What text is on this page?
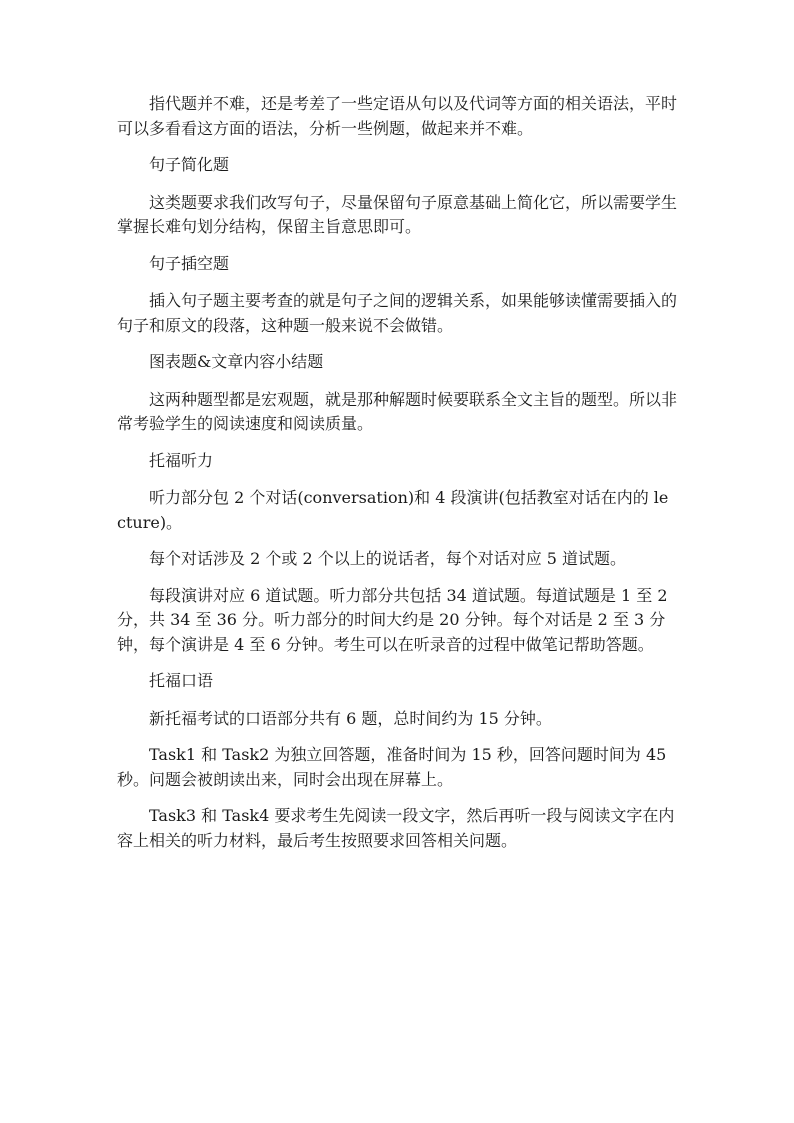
指代题并不难，还是考差了一些定语从句以及代词等方面的相关语法，平时可以多看看这方面的语法，分析一些例题，做起来并不难。

句子简化题

这类题要求我们改写句子，尽量保留句子原意基础上简化它，所以需要学生掌握长难句划分结构，保留主旨意思即可。

句子插空题

插入句子题主要考查的就是句子之间的逻辑关系，如果能够读懂需要插入的句子和原文的段落，这种题一般来说不会做错。

图表题&文章内容小结题

这两种题型都是宏观题，就是那种解题时候要联系全文主旨的题型。所以非常考验学生的阅读速度和阅读质量。

托福听力

听力部分包 2 个对话(conversation)和 4 段演讲(包括教室对话在内的 lecture)。

每个对话涉及 2 个或 2 个以上的说话者，每个对话对应 5 道试题。

每段演讲对应 6 道试题。听力部分共包括 34 道试题。每道试题是 1 至 2 分，共 34 至 36 分。听力部分的时间大约是 20 分钟。每个对话是 2 至 3 分钟，每个演讲是 4 至 6 分钟。考生可以在听录音的过程中做笔记帮助答题。

托福口语

新托福考试的口语部分共有 6 题，总时间约为 15 分钟。

Task1 和 Task2 为独立回答题，准备时间为 15 秒，回答问题时间为 45 秒。问题会被朗读出来，同时会出现在屏幕上。

Task3 和 Task4 要求考生先阅读一段文字，然后再听一段与阅读文字在内容上相关的听力材料，最后考生按照要求回答相关问题。
